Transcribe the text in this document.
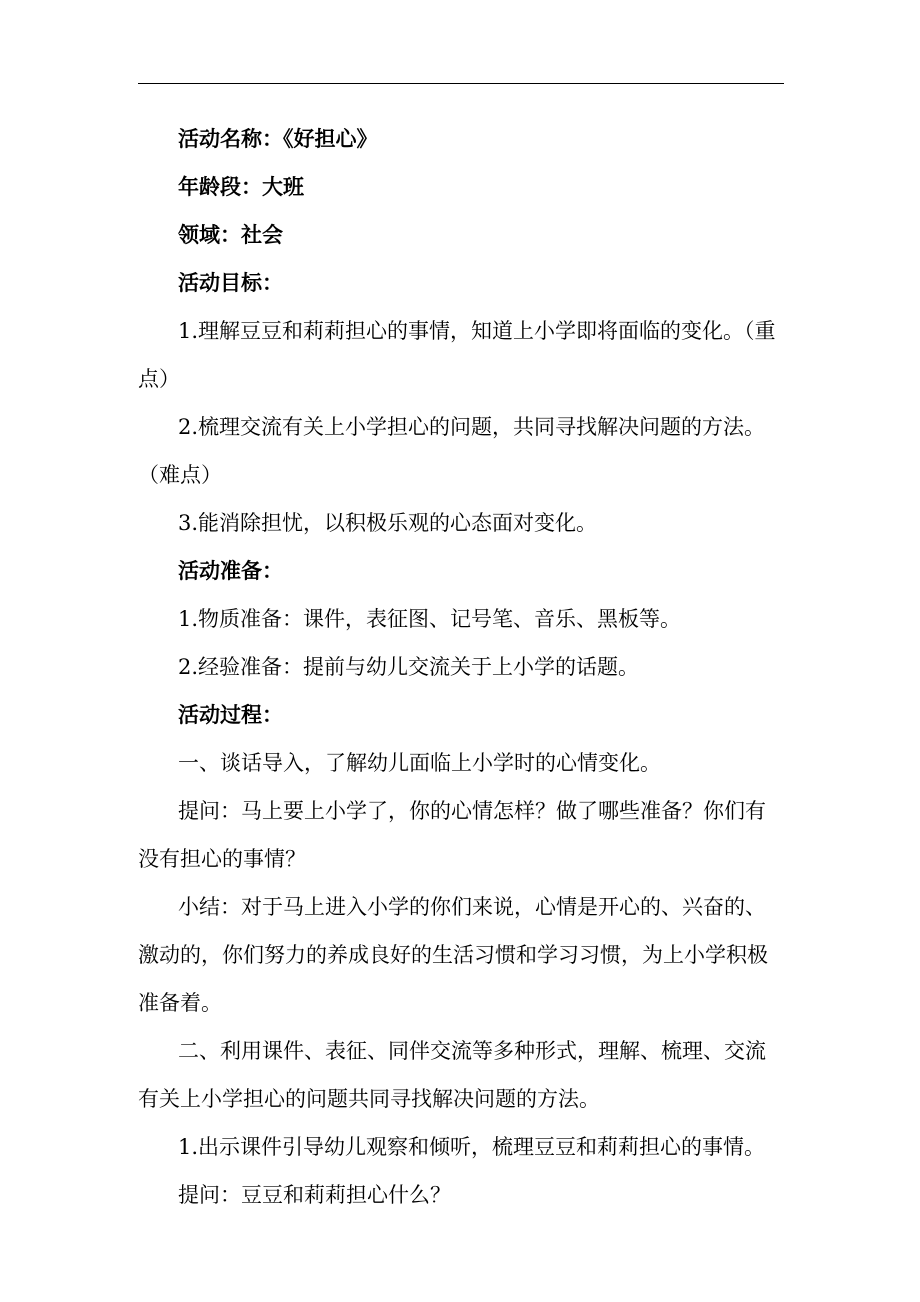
活动名称：《好担心》

年龄段：大班

领域：社会

活动目标：

1.理解豆豆和莉莉担心的事情，知道上小学即将面临的变化。（重点）

2.梳理交流有关上小学担心的问题，共同寻找解决问题的方法。（难点）

3.能消除担忧，以积极乐观的心态面对变化。

活动准备：

1.物质准备：课件，表征图、记号笔、音乐、黑板等。

2.经验准备：提前与幼儿交流关于上小学的话题。

活动过程：

一、谈话导入，了解幼儿面临上小学时的心情变化。

提问：马上要上小学了，你的心情怎样？做了哪些准备？你们有没有担心的事情？

小结：对于马上进入小学的你们来说，心情是开心的、兴奋的、激动的，你们努力的养成良好的生活习惯和学习习惯，为上小学积极准备着。

二、利用课件、表征、同伴交流等多种形式，理解、梳理、交流有关上小学担心的问题共同寻找解决问题的方法。

1.出示课件引导幼儿观察和倾听，梳理豆豆和莉莉担心的事情。

提问：豆豆和莉莉担心什么？
